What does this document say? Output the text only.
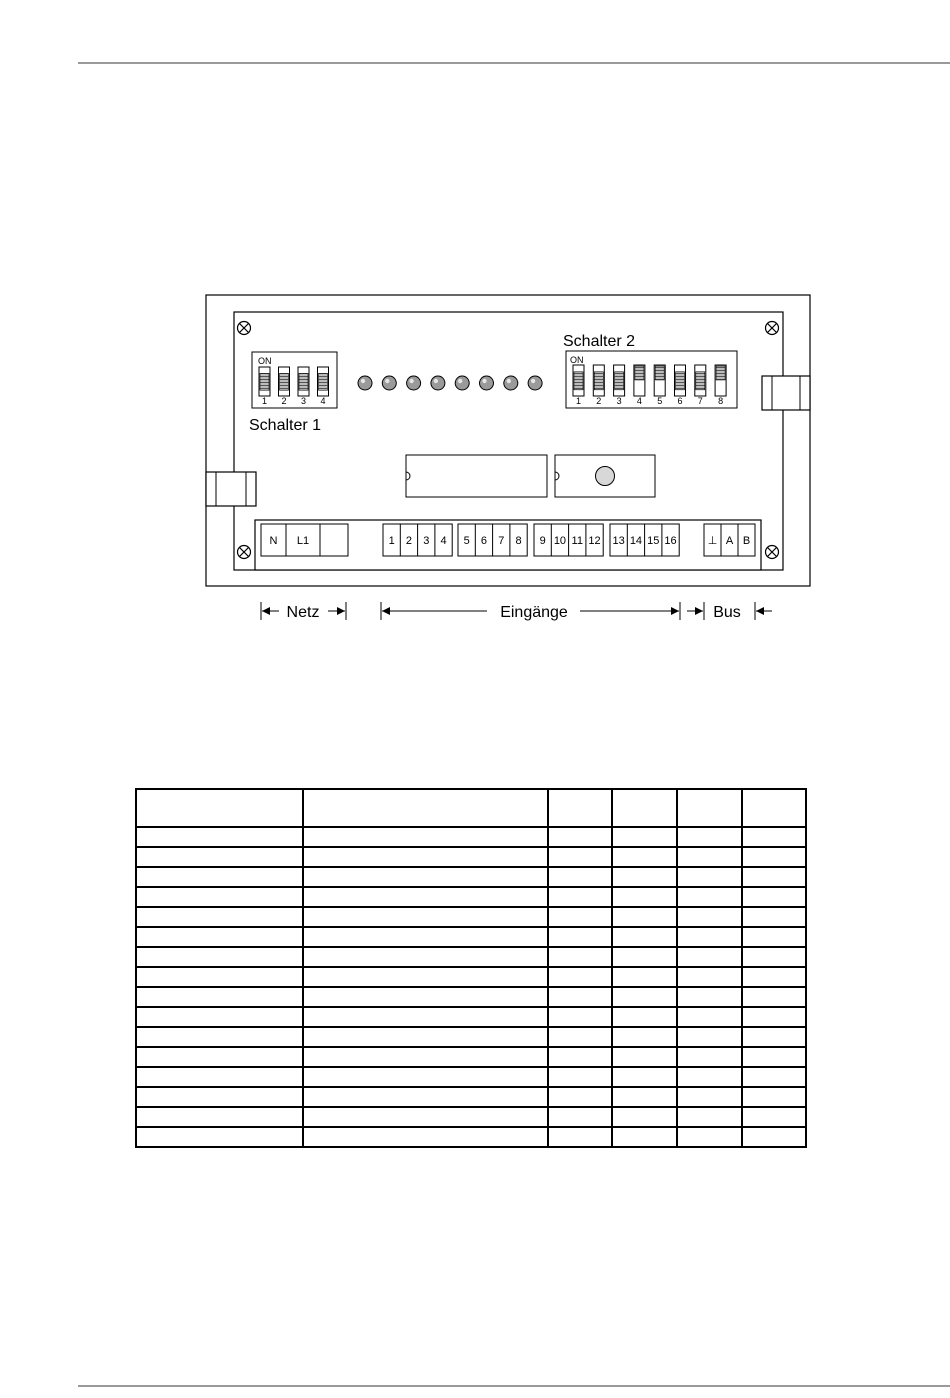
ON
1 2 3 4
Schalter 1
Schalter 2
ON
1 2 3 4 5 6 7 8
N L1	1 2 3 4 5 6 7 8 9 10 11 12 13 14 15 16	⊥ A B
Netz	Eingänge	Bus
